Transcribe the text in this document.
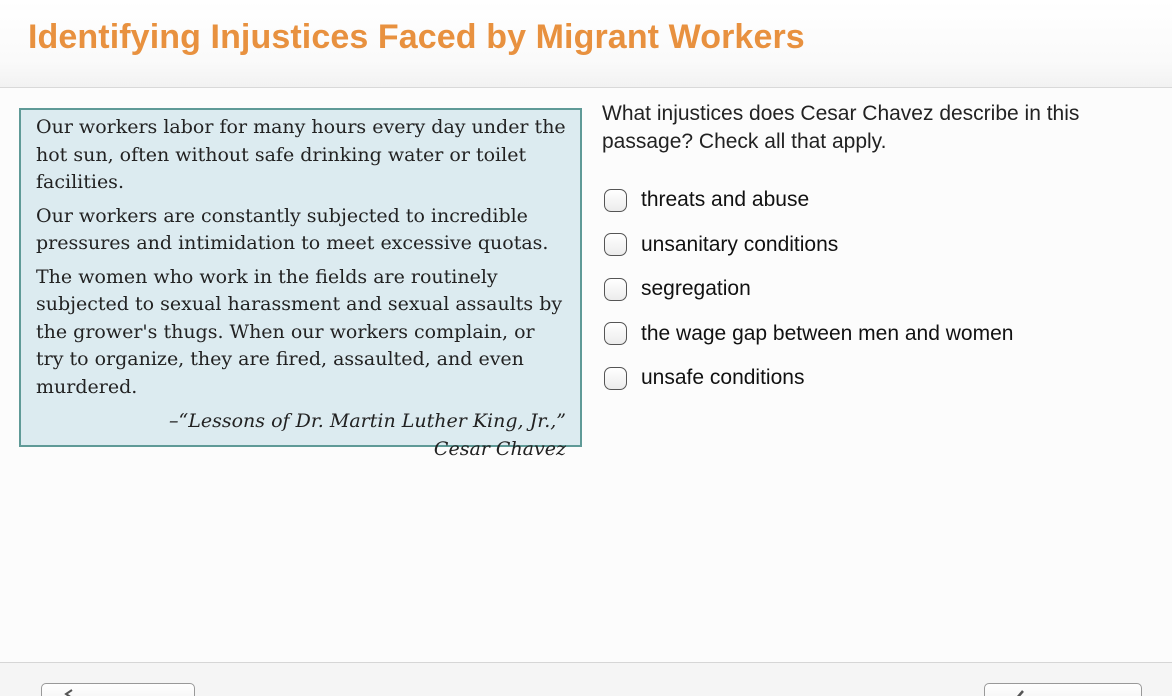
Identifying Injustices Faced by Migrant Workers

Our workers labor for many hours every day under the hot sun, often without safe drinking water or toilet facilities.

Our workers are constantly subjected to incredible pressures and intimidation to meet excessive quotas.

The women who work in the fields are routinely subjected to sexual harassment and sexual assaults by the grower's thugs. When our workers complain, or try to organize, they are fired, assaulted, and even murdered.

–“Lessons of Dr. Martin Luther King, Jr.,”
Cesar Chavez
What injustices does Cesar Chavez describe in this passage? Check all that apply.
threats and abuse
unsanitary conditions
segregation
the wage gap between men and women
unsafe conditions
